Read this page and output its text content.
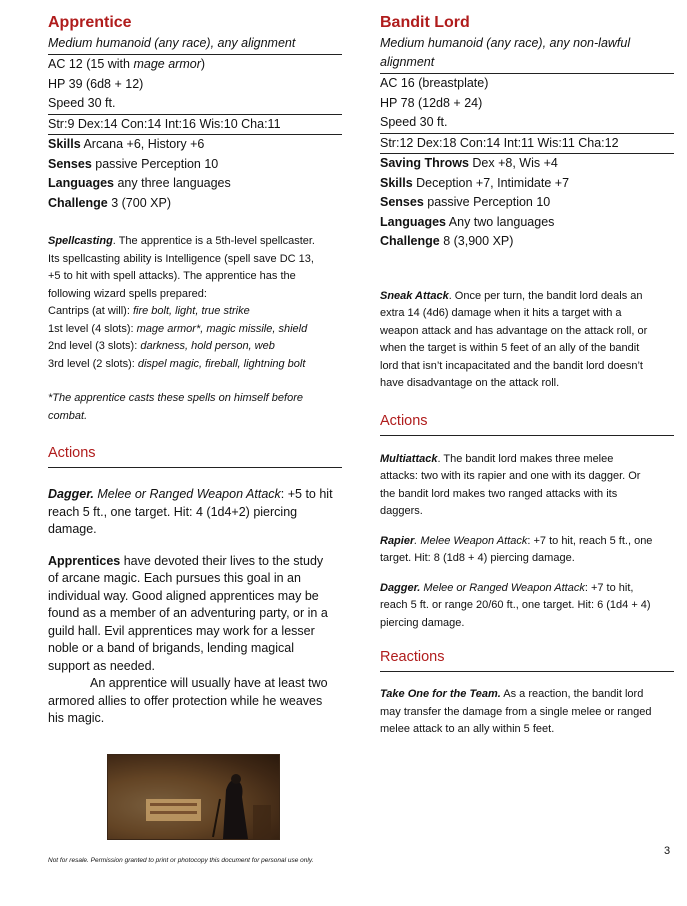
Apprentice
Medium humanoid (any race), any alignment
AC 12 (15 with mage armor)
HP 39 (6d8 + 12)
Speed 30 ft.
Str:9 Dex:14 Con:14 Int:16 Wis:10 Cha:11
Skills Arcana +6, History +6
Senses passive Perception 10
Languages any three languages
Challenge 3 (700 XP)
Spellcasting. The apprentice is a 5th-level spellcaster.
Its spellcasting ability is Intelligence (spell save DC 13,
+5 to hit with spell attacks). The apprentice has the
following wizard spells prepared:
Cantrips (at will): fire bolt, light, true strike
1st level (4 slots): mage armor*, magic missile, shield
2nd level (3 slots): darkness, hold person, web
3rd level (2 slots): dispel magic, fireball, lightning bolt
*The apprentice casts these spells on himself before
combat.
Actions
Dagger. Melee or Ranged Weapon Attack: +5 to hit
reach 5 ft., one target. Hit: 4 (1d4+2) piercing
damage.
Apprentices have devoted their lives to the study
of arcane magic. Each pursues this goal in an
individual way. Good aligned apprentices may be
found as a member of an adventuring party, or in a
guild hall. Evil apprentices may work for a lesser
noble or a band of brigands, lending magical
support as needed.
An apprentice will usually have at least two
armored allies to offer protection while he weaves
his magic.
Bandit Lord
Medium humanoid (any race), any non-lawful
alignment
AC 16 (breastplate)
HP 78 (12d8 + 24)
Speed 30 ft.
Str:12 Dex:18 Con:14 Int:11 Wis:11 Cha:12
Saving Throws Dex +8, Wis +4
Skills Deception +7, Intimidate +7
Senses passive Perception 10
Languages Any two languages
Challenge 8 (3,900 XP)
Sneak Attack. Once per turn, the bandit lord deals an
extra 14 (4d6) damage when it hits a target with a
weapon attack and has advantage on the attack roll, or
when the target is within 5 feet of an ally of the bandit
lord that isn’t incapacitated and the bandit lord doesn’t
have disadvantage on the attack roll.
Actions
Multiattack. The bandit lord makes three melee
attacks: two with its rapier and one with its dagger. Or
the bandit lord makes two ranged attacks with its
daggers.
Rapier. Melee Weapon Attack: +7 to hit, reach 5 ft., one
target. Hit: 8 (1d8 + 4) piercing damage.
Dagger. Melee or Ranged Weapon Attack: +7 to hit,
reach 5 ft. or range 20/60 ft., one target. Hit: 6 (1d4 + 4)
piercing damage.
Reactions
Take One for the Team. As a reaction, the bandit lord
may transfer the damage from a single melee or ranged
melee attack to an ally within 5 feet.
3
Not for resale. Permission granted to print or photocopy this document for personal use only.
